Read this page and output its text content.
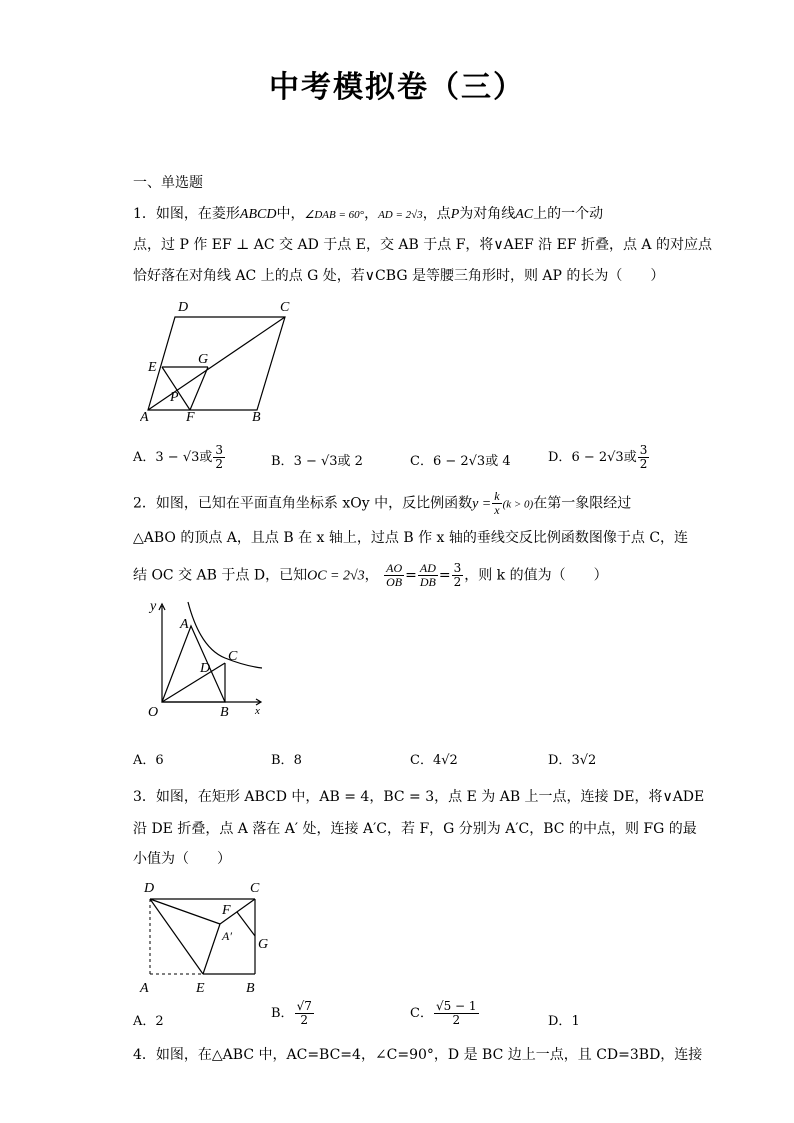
中考模拟卷（三）
一、单选题
1．如图，在菱形ABCD中，∠DAB = 60°，AD = 2√3，点P为对角线AC上的一个动
点，过 P 作 EF ⊥ AC 交 AD 于点 E，交 AB 于点 F，将∨AEF 沿 EF 折叠，点 A 的对应点
恰好落在对角线 AC 上的点 G 处，若∨CBG 是等腰三角形时，则 AP 的长为（　　）
D	C
E
G
P
A	F	B
A．3 − √3或 $\frac{3}{2}$	B．3 − √3或 2	C．6 − 2√3或 4	D．6 − 2√3或 $\frac{3}{2}$
2．如图，已知在平面直角坐标系 xOy 中，反比例函数$y = \frac{k}{x} (k > 0)$在第一象限经过
△ABO 的顶点 A，且点 B 在 x 轴上，过点 B 作 x 轴的垂线交反比例函数图像于点 C，连
结 OC 交 AB 于点 D，已知OC = 2√3， $\frac{AO}{OB} = \frac{AD}{DB} = \frac{3}{2}$ ，则 k 的值为（　　）
y
x
O
A
D
C
B
A．6	B．8	C．4√2	D．3√2
3．如图，在矩形 ABCD 中，AB = 4，BC = 3，点 E 为 AB 上一点，连接 DE，将∨ADE
沿 DE 折叠，点 A 落在 A′ 处，连接 A′C，若 F，G 分别为 A′C，BC 的中点，则 FG 的最
小值为（　　）
D	C
F
A′
G
A	E	B
A．2
B． $\frac{√7}{2}$	C． $\frac{√5 - 1}{2}$	D．1
4．如图，在△ABC 中，AC=BC=4，∠C=90°，D 是 BC 边上一点，且 CD=3BD，连接
